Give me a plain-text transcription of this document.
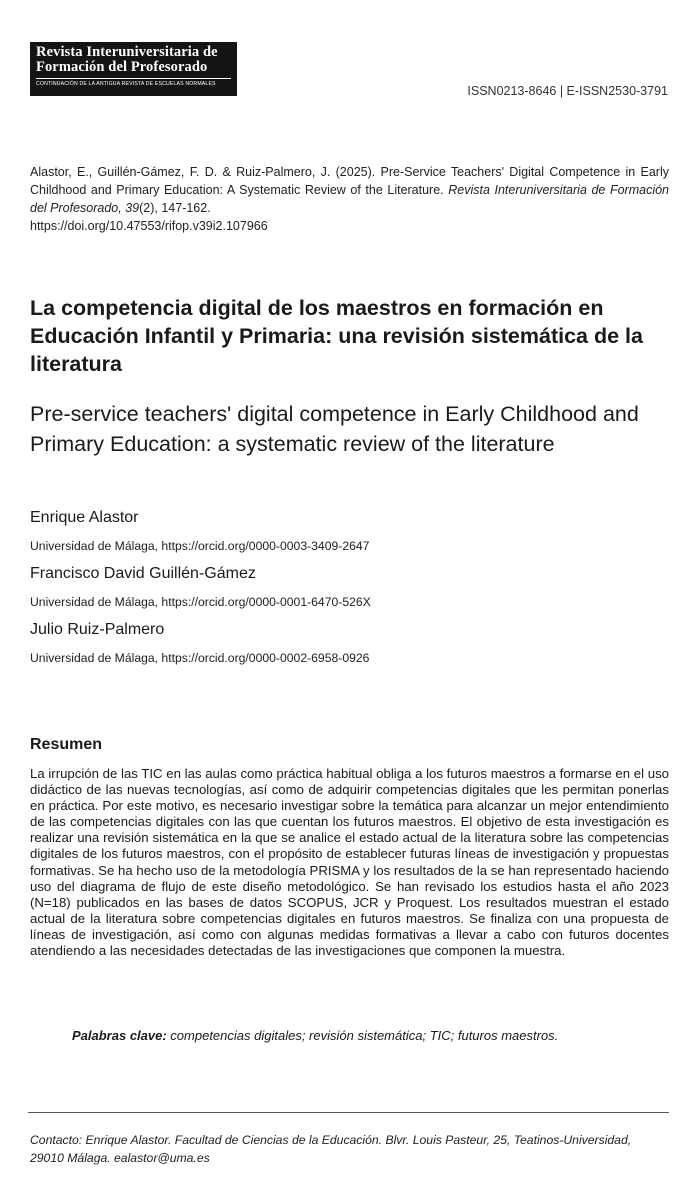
Revista Interuniversitaria de
Formación del Profesorado
CONTINUACIÓN DE LA ANTIGUA REVISTA DE ESCUELAS NORMALES	ISSN0213-8646 | E-ISSN2530-3791
Alastor, E., Guillén-Gámez, F. D. & Ruiz-Palmero, J. (2025). Pre-Service Teachers' Digital Competence in Early Childhood and Primary Education: A Systematic Review of the Literature. Revista Interuniversitaria de Formación del Profesorado, 39(2), 147-162.
https://doi.org/10.47553/rifop.v39i2.107966
La competencia digital de los maestros en formación en Educación Infantil y Primaria: una revisión sistemática de la literatura
Pre-service teachers' digital competence in Early Childhood and Primary Education: a systematic review of the literature
Enrique Alastor
Universidad de Málaga, https://orcid.org/0000-0003-3409-2647
Francisco David Guillén-Gámez
Universidad de Málaga, https://orcid.org/0000-0001-6470-526X
Julio Ruiz-Palmero
Universidad de Málaga, https://orcid.org/0000-0002-6958-0926
Resumen
La irrupción de las TIC en las aulas como práctica habitual obliga a los futuros maestros a formarse en el uso didáctico de las nuevas tecnologías, así como de adquirir competencias digitales que les permitan ponerlas en práctica. Por este motivo, es necesario investigar sobre la temática para alcanzar un mejor entendimiento de las competencias digitales con las que cuentan los futuros maestros. El objetivo de esta investigación es realizar una revisión sistemática en la que se analice el estado actual de la literatura sobre las competencias digitales de los futuros maestros, con el propósito de establecer futuras líneas de investigación y propuestas formativas. Se ha hecho uso de la metodología PRISMA y los resultados de la se han representado haciendo uso del diagrama de flujo de este diseño metodológico. Se han revisado los estudios hasta el año 2023 (N=18) publicados en las bases de datos SCOPUS, JCR y Proquest. Los resultados muestran el estado actual de la literatura sobre competencias digitales en futuros maestros. Se finaliza con una propuesta de líneas de investigación, así como con algunas medidas formativas a llevar a cabo con futuros docentes atendiendo a las necesidades detectadas de las investigaciones que componen la muestra.
Palabras clave: competencias digitales; revisión sistemática; TIC; futuros maestros.
Contacto: Enrique Alastor. Facultad de Ciencias de la Educación. Blvr. Louis Pasteur, 25, Teatinos-Universidad, 29010 Málaga. ealastor@uma.es
